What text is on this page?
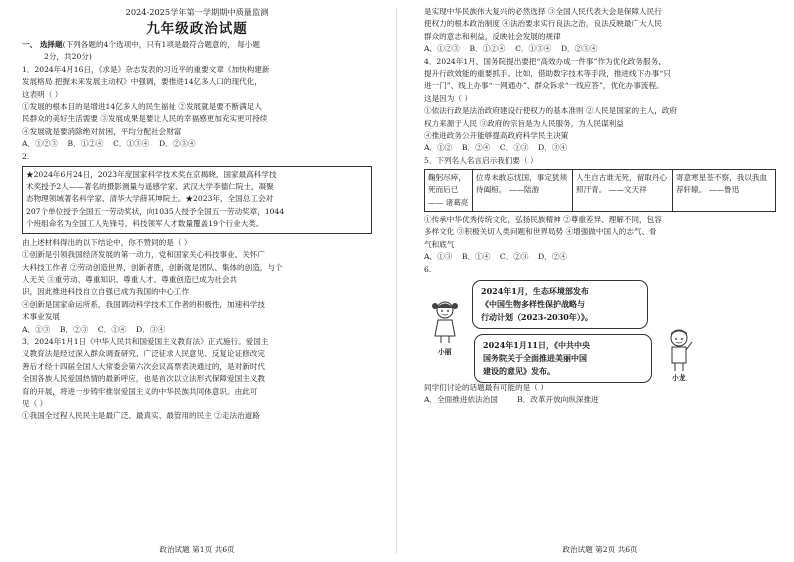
2024-2025学年第一学期期中质量监测
九年级政治试题
一、 选择题(下列各题的4个选项中，只有1项是最符合题意的， 每小题
2分，共20分)
1．2024年4月16日，《求是》杂志发表的习近平的重要文章《加快构建新
发展格局 把握未来发展主动权》中强调，要推进14亿多人口的现代化，
这表明（ ）
①发展的根本目的是增进14亿多人的民生福祉 ②发展就是要不断满足人
民群众的美好生活需要 ③发展成果是要让人民的幸福感更加充实更可持续
④发展就是要消除绝对贫困，平均分配社会财富
A．①②③    B．①②④    C．①③④    D．②③④
2.
★2024年6月24日，2023年度国家科学技术奖在京揭晓，国家最高科学技
术奖授予2人——著名的摄影测量与遥感学家、武汉大学李德仁院士，凝聚
态物理领域著名科学家、清华大学薛其坤院士。★2023年，全国总工会对
207个单位授予全国五一劳动奖状，向1035人授予全国五一劳动奖章，1044
个班组命名为全国工人先锋号，科技领军人才数量覆盖19个行业大类。
由上述材料得出的以下结论中，你不赞同的是（ ）
①创新是引领我国经济发展的第一动力，党和国家关心科技事业、关怀广
大科技工作者 ②劳动创造世界，创新者胜，创新就是团队、集体的创造，与个
人无关 ③重劳动、尊重知识、尊重人才、尊重创造已成为社会共
识，因此推进科技自立自强已成为我国的中心工作
④创新是国家命运所系，我国调动科学技术工作者的积极性，加速科学技
术事业发展
A．①③    B．②③    C．①④    D．③④
3．2024年1月1日《中华人民共和国爱国主义教育法》正式施行。爱国主
义教育法是经过深入群众调查研究、广泛征求人民意见、反复论证修改完
善后才经十四届全国人大常委会第六次会议高票表决通过的，是对新时代
全国各族人民爱国热情的最新呼应，也是首次以立法形式保障爱国主义教
育的开展，将进一步铸牢推崇爱国主义的中华民族共同体意识。由此可
见（ ）
①我国全过程人民民主是最广泛、最真实、最管用的民主 ②走法治道路
政治试题 第1页 共6页
是实现中华民族伟大复兴的必然选择 ③全国人民代表大会是保障人民行
使权力的根本政治制度 ④法治要求实行良法之治，良法反映最广大人民
群众的意志和利益，反映社会发展的规律
A．①②③    B．①②④    C．①③④    D．②③④
4．2024年1月，国务院提出要把“高效办成一件事”作为优化政务服务、
提升行政效能的重要抓手。比如，借助数字技术等手段，推进线下办事“只
进一门”、线上办事“一网通办”、群众诉求“一线应答”，优化办事流程。
这是因为（ ）
①依法行政是法治政府建设行使权力的基本准则 ②人民是国家的主人，政府
权力来源于人民 ③政府的宗旨是为人民服务，为人民谋利益
④推进政务公开能够提高政府科学民主决策
A．①②    B．②④    C．①③    D．③④
5．下列名人名言启示我们要（ ）
鞠躬尽瘁，死而后已 —— 诸葛亮	位卑未敢忘忧国，事定犹须待阖棺。 ——陆游	人生自古谁无死，留取丹心照汗青。 ——文天祥	寄意寒星荃不察，我以我血荐轩辕。 ——鲁迅
①传承中华优秀传统文化，弘扬民族精神 ②尊重差异、理解不同，包容
多样文化 ③积极关切人类问题和世界局势 ④增强做中国人的志气、骨
气和底气
A．①③    B．①④    C．②③    D．②④
6.
小丽
2024年1月，生态环境部发布
《中国生物多样性保护战略与
行动计划（2023-2030年）》。
2024年1月11日，《中共中央
国务院关于全面推进美丽中国
建设的意见》发布。
小龙
同学们讨论的话题最有可能的是（ ）
A．全面推进依法治国        B．改革开放向纵深推进
政治试题 第2页 共6页
